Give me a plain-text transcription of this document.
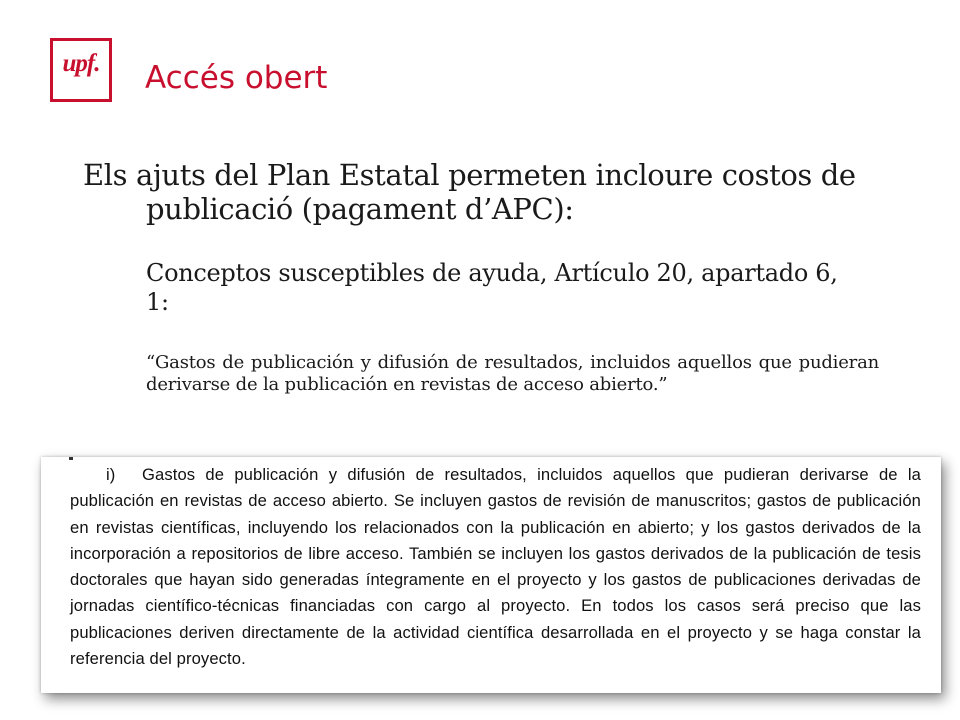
upf.	Accés obert
Els ajuts del Plan Estatal permeten incloure costos de publicació (pagament d’APC):
Conceptos susceptibles de ayuda, Artículo 20, apartado 6, 1:
“Gastos de publicación y difusión de resultados, incluidos aquellos que pudieran derivarse de la publicación en revistas de acceso abierto.”
i) Gastos de publicación y difusión de resultados, incluidos aquellos que pudieran derivarse de la publicación en revistas de acceso abierto. Se incluyen gastos de revisión de manuscritos; gastos de publicación en revistas científicas, incluyendo los relacionados con la publicación en abierto; y los gastos derivados de la incorporación a repositorios de libre acceso. También se incluyen los gastos derivados de la publicación de tesis doctorales que hayan sido generadas íntegramente en el proyecto y los gastos de publicaciones derivadas de jornadas científico-técnicas financiadas con cargo al proyecto. En todos los casos será preciso que las publicaciones deriven directamente de la actividad científica desarrollada en el proyecto y se haga constar la referencia del proyecto.
